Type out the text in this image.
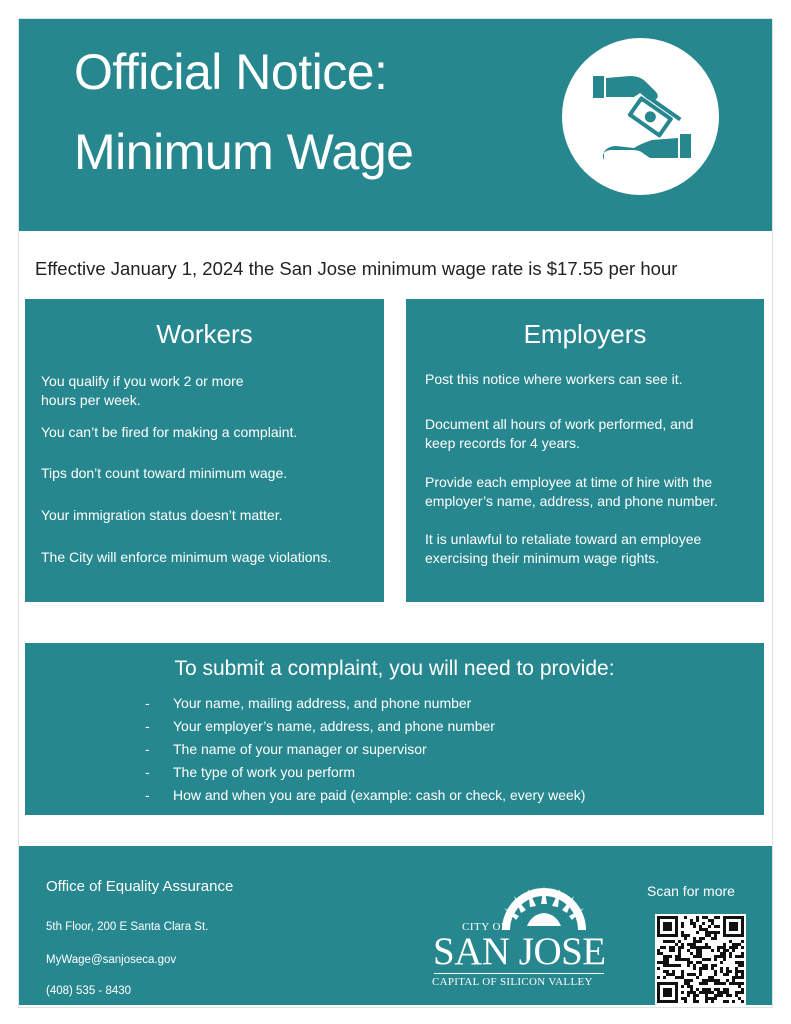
Official Notice:
Minimum Wage
Effective January 1, 2024 the San Jose minimum wage rate is $17.55 per hour
Workers

You qualify if you work 2 or more hours per week.

You can’t be fired for making a complaint.

Tips don’t count toward minimum wage.

Your immigration status doesn’t matter.

The City will enforce minimum wage violations.

Employers

Post this notice where workers can see it.

Document all hours of work performed, and keep records for 4 years.

Provide each employee at time of hire with the employer’s name, address, and phone number.

It is unlawful to retaliate toward an employee exercising their minimum wage rights.

To submit a complaint, you will need to provide:
- Your name, mailing address, and phone number
- Your employer’s name, address, and phone number
- The name of your manager or supervisor
- The type of work you perform
- How and when you are paid (example: cash or check, every week)
Office of Equality Assurance
5th Floor, 200 E Santa Clara St.
MyWage@sanjoseca.gov
(408) 535 - 8430
CITY OF
SAN JOSE
CAPITAL OF SILICON VALLEY
Scan for more
